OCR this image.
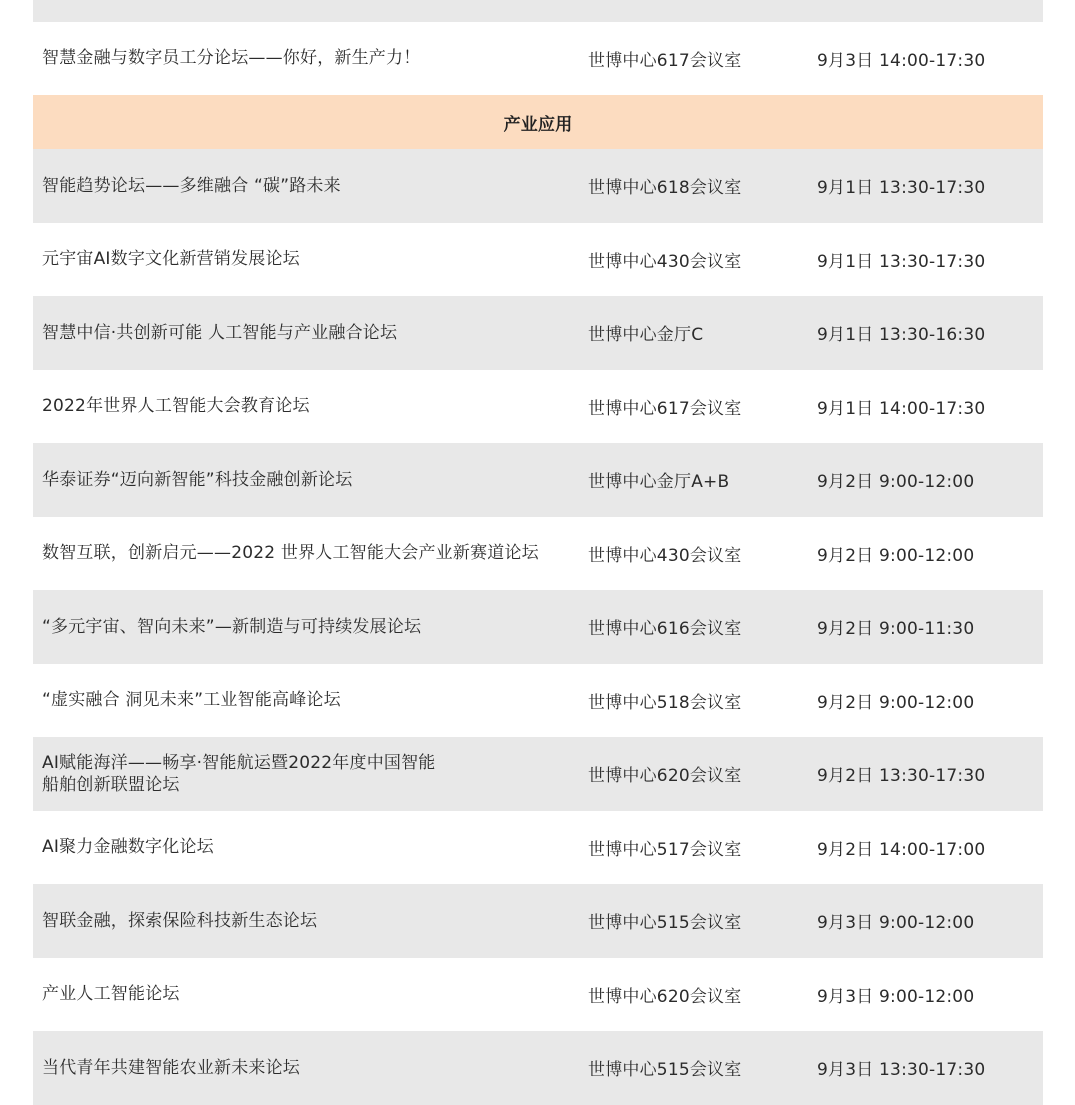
智慧金融与数字员工分论坛——你好，新生产力！	世博中心617会议室	9月3日 14:00-17:30
产业应用
智能趋势论坛——多维融合 “碳”路未来	世博中心618会议室	9月1日 13:30-17:30
元宇宙AI数字文化新营销发展论坛	世博中心430会议室	9月1日 13:30-17:30
智慧中信·共创新可能 人工智能与产业融合论坛	世博中心金厅C	9月1日 13:30-16:30
2022年世界人工智能大会教育论坛	世博中心617会议室	9月1日 14:00-17:30
华泰证券“迈向新智能”科技金融创新论坛	世博中心金厅A+B	9月2日 9:00-12:00
数智互联，创新启元——2022 世界人工智能大会产业新赛道论坛	世博中心430会议室	9月2日 9:00-12:00
“多元宇宙、智向未来”—新制造与可持续发展论坛	世博中心616会议室	9月2日 9:00-11:30
“虚实融合 洞见未来”工业智能高峰论坛	世博中心518会议室	9月2日 9:00-12:00
AI赋能海洋——畅享·智能航运暨2022年度中国智能
船舶创新联盟论坛	世博中心620会议室	9月2日 13:30-17:30
AI聚力金融数字化论坛	世博中心517会议室	9月2日 14:00-17:00
智联金融，探索保险科技新生态论坛	世博中心515会议室	9月3日 9:00-12:00
产业人工智能论坛	世博中心620会议室	9月3日 9:00-12:00
当代青年共建智能农业新未来论坛	世博中心515会议室	9月3日 13:30-17:30
